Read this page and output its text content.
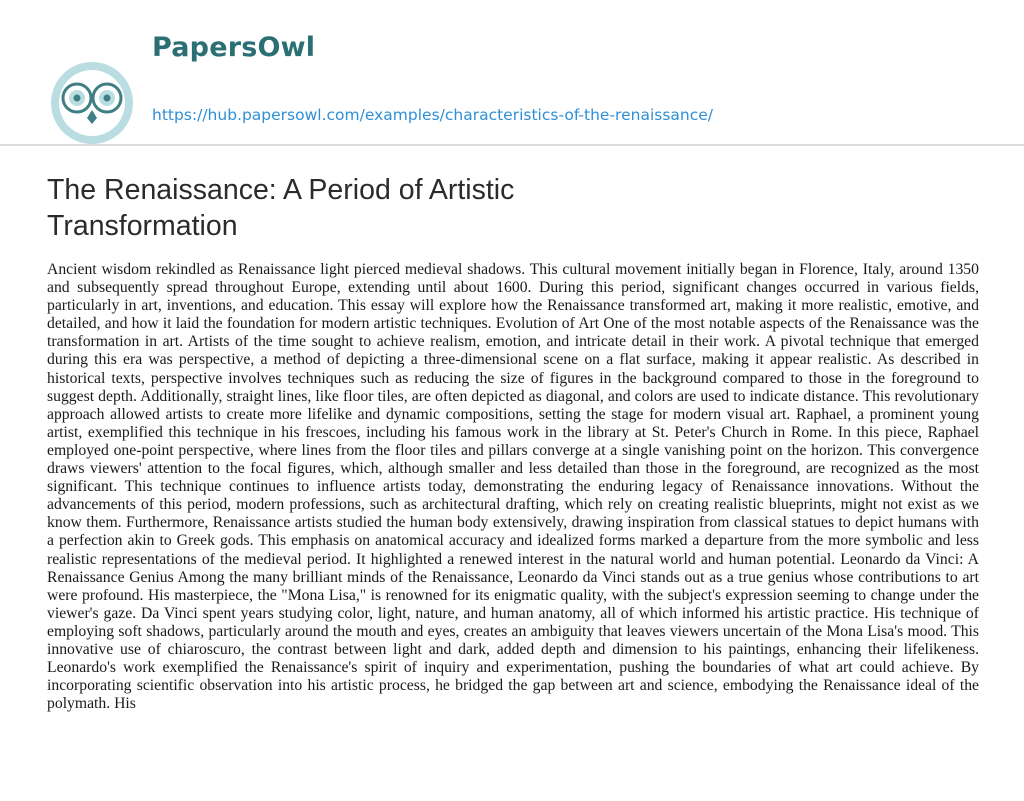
PapersOwl
https://hub.papersowl.com/examples/characteristics-of-the-renaissance/
The Renaissance: A Period of Artistic Transformation

Ancient wisdom rekindled as Renaissance light pierced medieval shadows. This cultural movement initially began in Florence, Italy, around 1350 and subsequently spread throughout Europe, extending until about 1600. During this period, significant changes occurred in various fields, particularly in art, inventions, and education. This essay will explore how the Renaissance transformed art, making it more realistic, emotive, and detailed, and how it laid the foundation for modern artistic techniques. Evolution of Art One of the most notable aspects of the Renaissance was the transformation in art. Artists of the time sought to achieve realism, emotion, and intricate detail in their work. A pivotal technique that emerged during this era was perspective, a method of depicting a three-dimensional scene on a flat surface, making it appear realistic. As described in historical texts, perspective involves techniques such as reducing the size of figures in the background compared to those in the foreground to suggest depth. Additionally, straight lines, like floor tiles, are often depicted as diagonal, and colors are used to indicate distance. This revolutionary approach allowed artists to create more lifelike and dynamic compositions, setting the stage for modern visual art. Raphael, a prominent young artist, exemplified this technique in his frescoes, including his famous work in the library at St. Peter's Church in Rome. In this piece, Raphael employed one-point perspective, where lines from the floor tiles and pillars converge at a single vanishing point on the horizon. This convergence draws viewers' attention to the focal figures, which, although smaller and less detailed than those in the foreground, are recognized as the most significant. This technique continues to influence artists today, demonstrating the enduring legacy of Renaissance innovations. Without the advancements of this period, modern professions, such as architectural drafting, which rely on creating realistic blueprints, might not exist as we know them. Furthermore, Renaissance artists studied the human body extensively, drawing inspiration from classical statues to depict humans with a perfection akin to Greek gods. This emphasis on anatomical accuracy and idealized forms marked a departure from the more symbolic and less realistic representations of the medieval period. It highlighted a renewed interest in the natural world and human potential. Leonardo da Vinci: A Renaissance Genius Among the many brilliant minds of the Renaissance, Leonardo da Vinci stands out as a true genius whose contributions to art were profound. His masterpiece, the "Mona Lisa," is renowned for its enigmatic quality, with the subject's expression seeming to change under the viewer's gaze. Da Vinci spent years studying color, light, nature, and human anatomy, all of which informed his artistic practice. His technique of employing soft shadows, particularly around the mouth and eyes, creates an ambiguity that leaves viewers uncertain of the Mona Lisa's mood. This innovative use of chiaroscuro, the contrast between light and dark, added depth and dimension to his paintings, enhancing their lifelikeness. Leonardo's work exemplified the Renaissance's spirit of inquiry and experimentation, pushing the boundaries of what art could achieve. By incorporating scientific observation into his artistic process, he bridged the gap between art and science, embodying the Renaissance ideal of the polymath. His
